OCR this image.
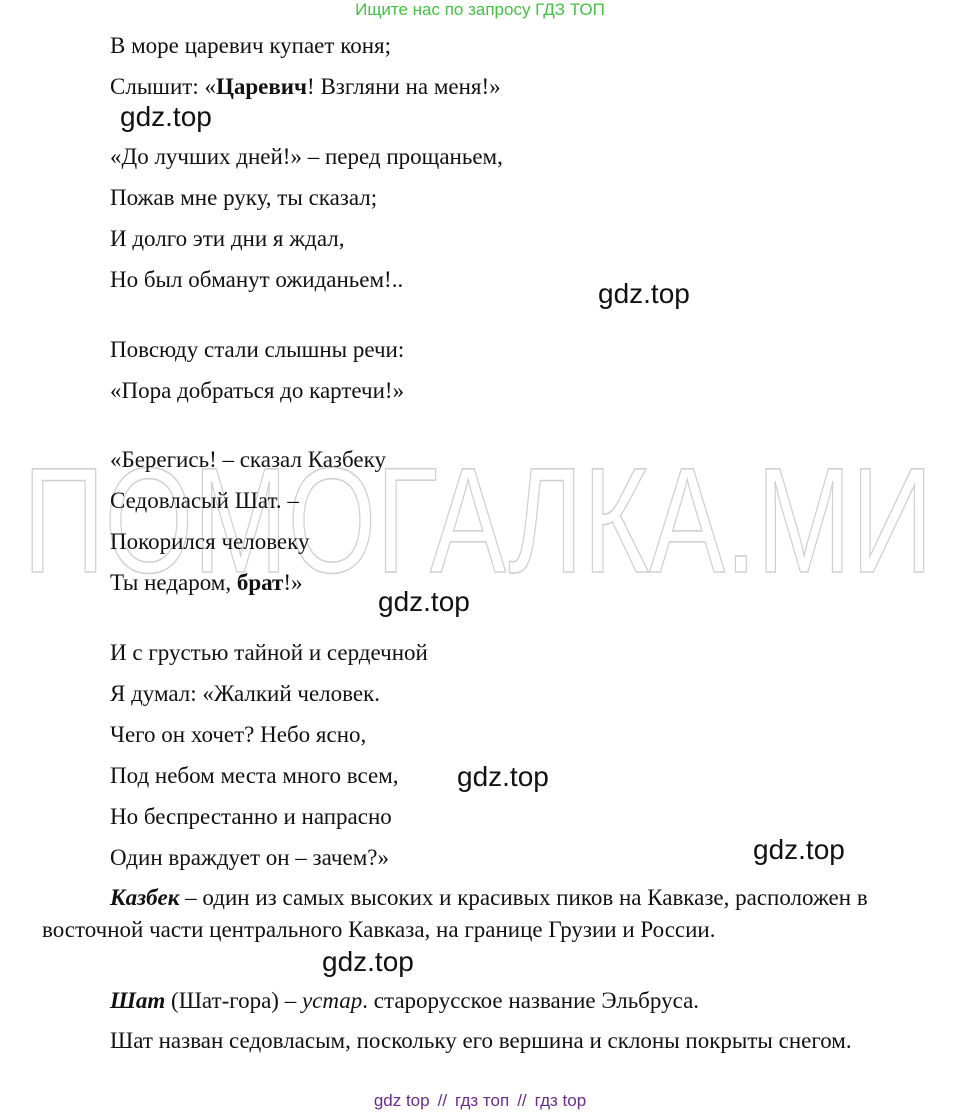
Ищите нас по запросу ГДЗ ТОП
ПОМОГАЛКА.МИ
В море царевич купает коня;
Слышит: «Царевич! Взгляни на меня!»
«До лучших дней!» – перед прощаньем,
Пожав мне руку, ты сказал;
И долго эти дни я ждал,
Но был обманут ожиданьем!..
Повсюду стали слышны речи:
«Пора добраться до картечи!»
«Берегись! – сказал Казбеку
Седовласый Шат. –
Покорился человеку
Ты недаром, брат!»
И с грустью тайной и сердечной
Я думал: «Жалкий человек.
Чего он хочет? Небо ясно,
Под небом места много всем,
Но беспрестанно и напрасно
Один враждует он – зачем?»
Казбек – один из самых высоких и красивых пиков на Кавказе, расположен в восточной части центрального Кавказа, на границе Грузии и России.
Шат (Шат-гора) – устар. старорусское название Эльбруса.
Шат назван седовласым, поскольку его вершина и склоны покрыты снегом.
gdz.top
gdz.top
gdz.top
gdz.top
gdz.top
gdz.top
gdz top // гдз топ // гдз top
